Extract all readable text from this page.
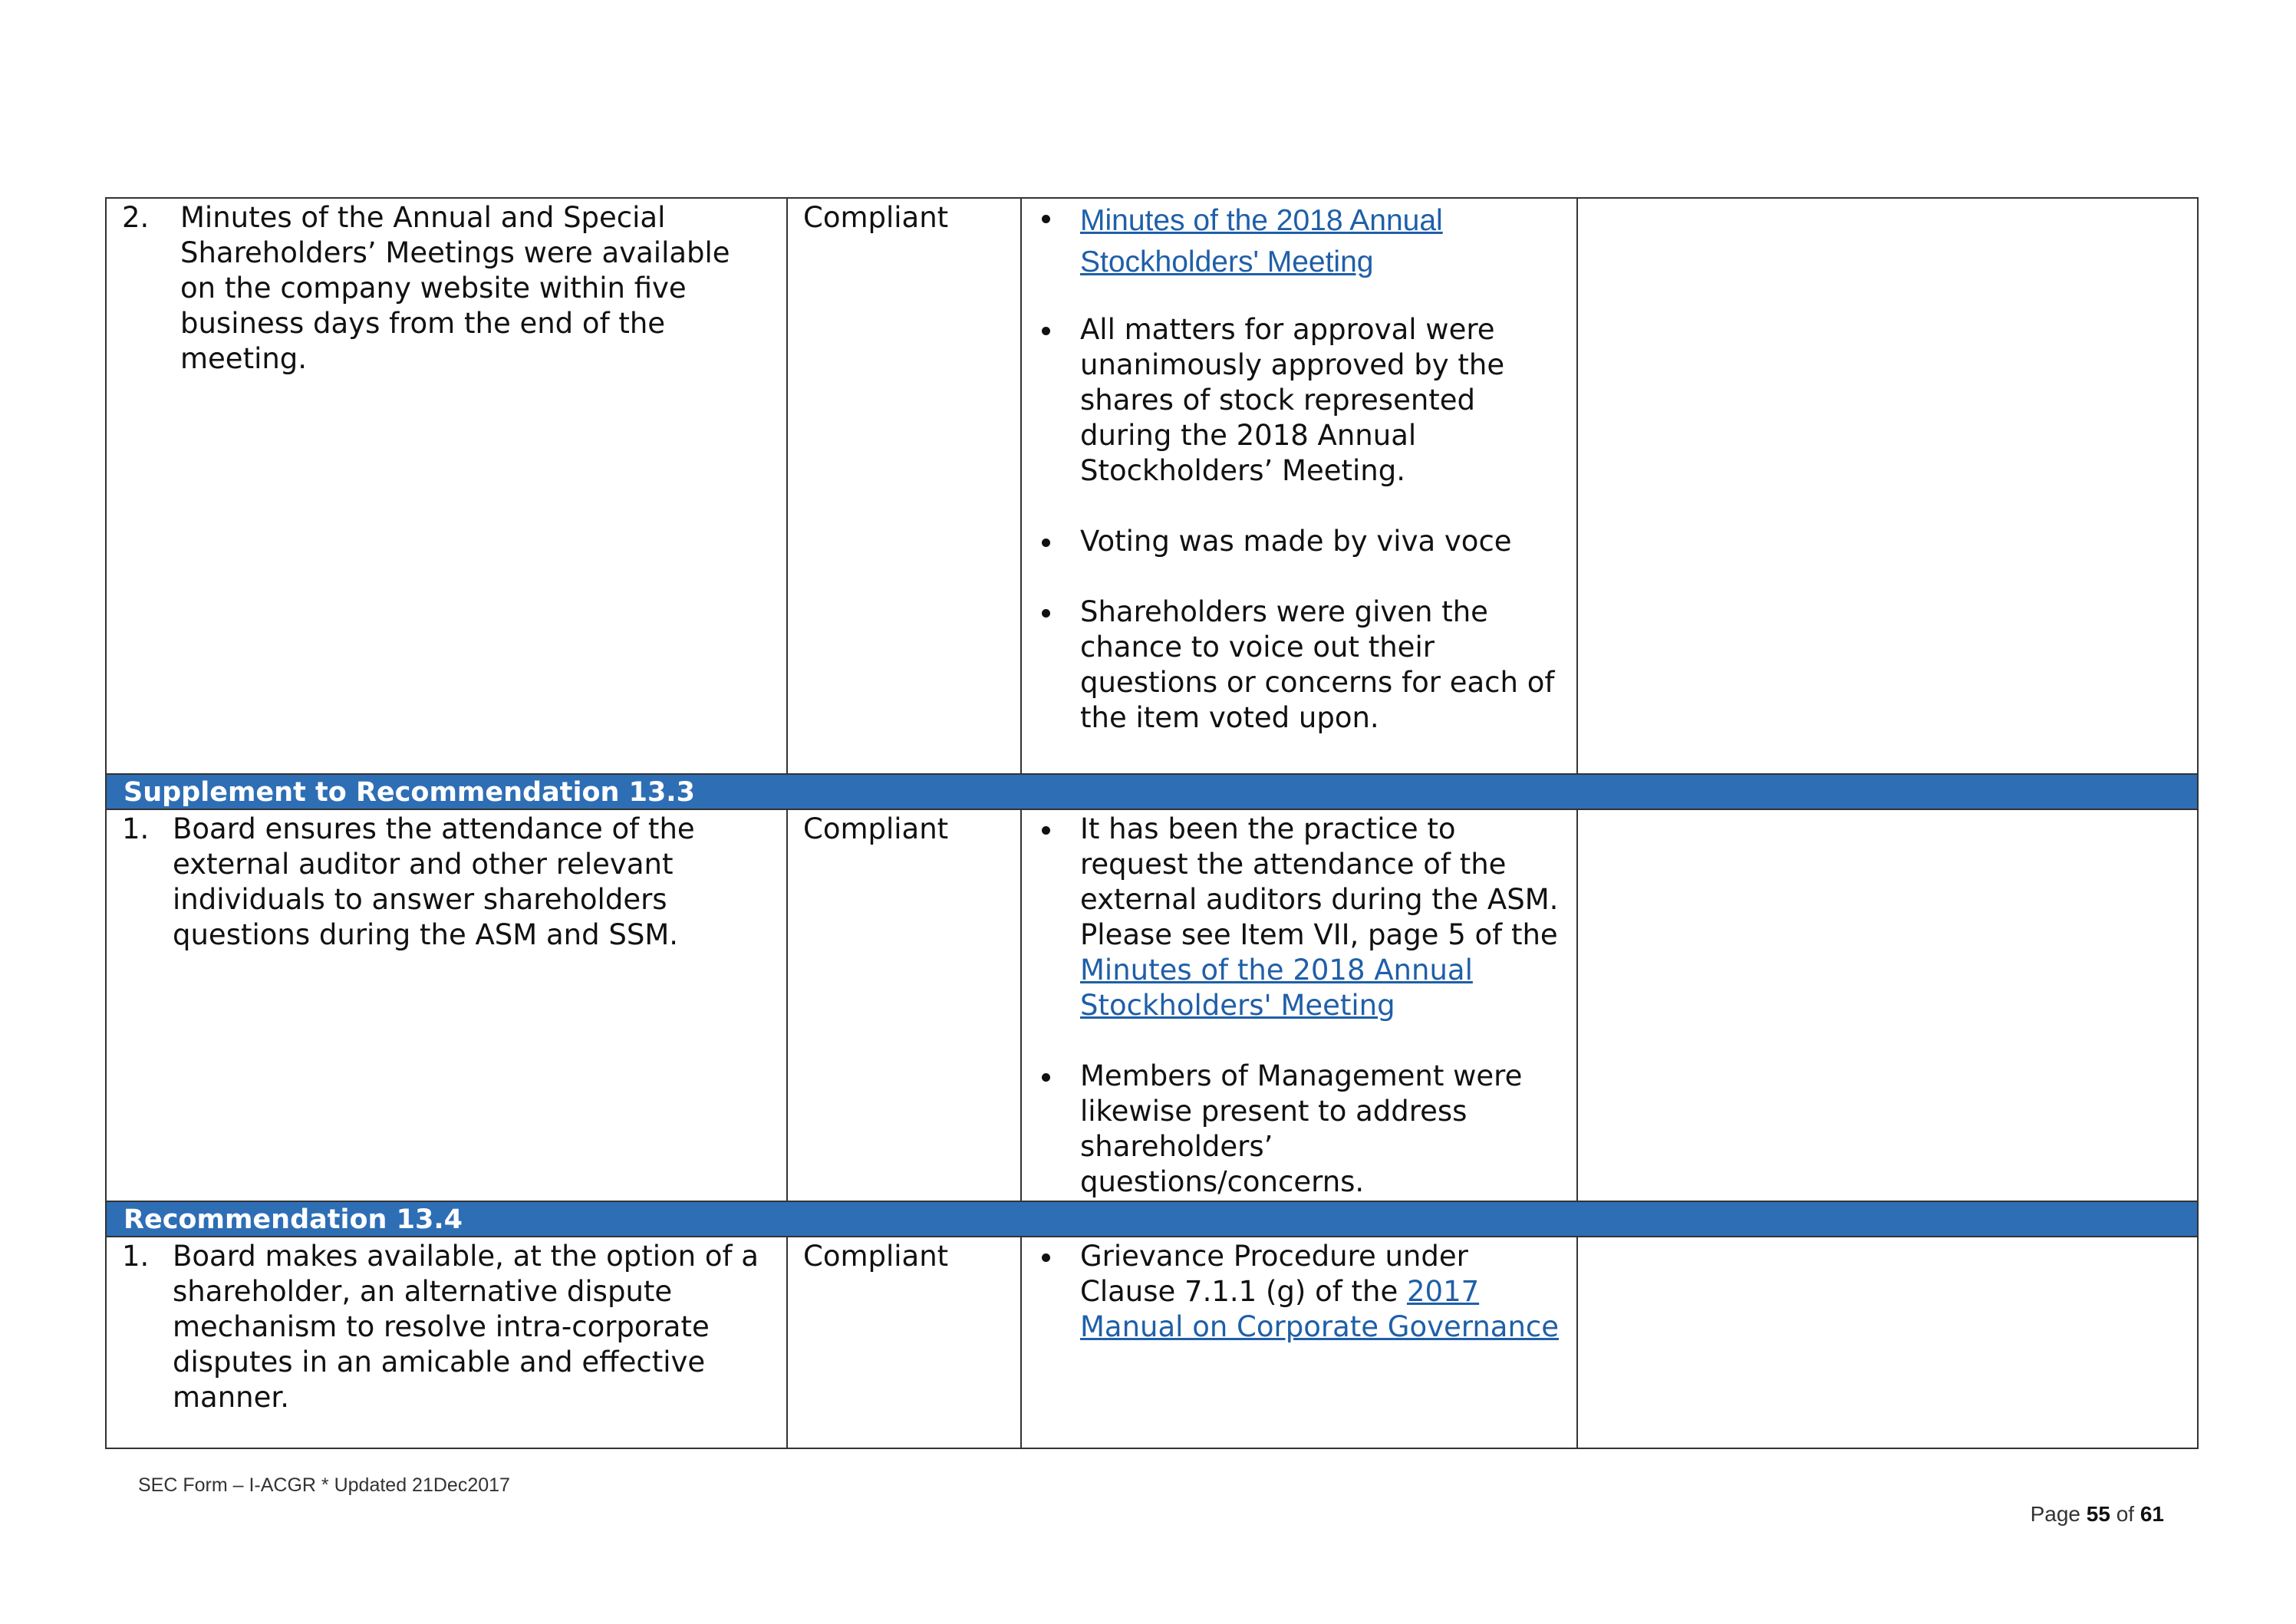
2. Minutes of the Annual and Special Shareholders’ Meetings were available on the company website within five business days from the end of the meeting.
Compliant	Minutes of the 2018 Annual Stockholders' Meeting
All matters for approval were unanimously approved by the shares of stock represented during the 2018 Annual Stockholders’ Meeting.
Voting was made by viva voce
Shareholders were given the chance to voice out their questions or concerns for each of the item voted upon.
Supplement to Recommendation 13.3
1. Board ensures the attendance of the external auditor and other relevant individuals to answer shareholders questions during the ASM and SSM.
Compliant	It has been the practice to request the attendance of the external auditors during the ASM. Please see Item VII, page 5 of the Minutes of the 2018 Annual Stockholders' Meeting
Members of Management were likewise present to address shareholders’ questions/concerns.
Recommendation 13.4
1. Board makes available, at the option of a shareholder, an alternative dispute mechanism to resolve intra-corporate disputes in an amicable and effective manner.
Compliant	Grievance Procedure under Clause 7.1.1 (g) of the 2017 Manual on Corporate Governance
SEC Form – I-ACGR * Updated 21Dec2017
Page 55 of 61
